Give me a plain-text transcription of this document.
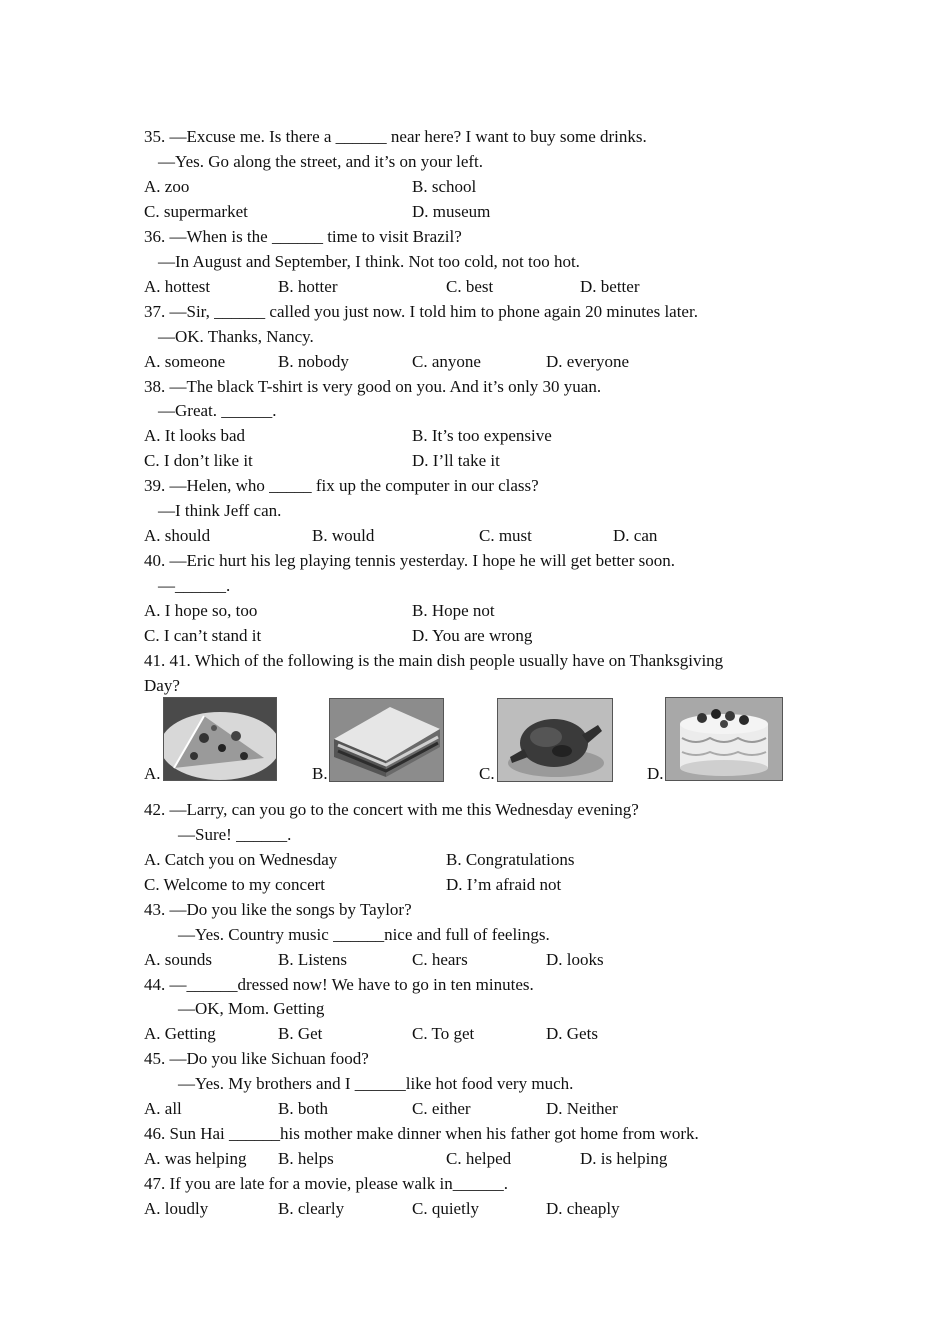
35. —Excuse me. Is there a ______ near here? I want to buy some drinks.
—Yes. Go along the street, and it’s on your left.
A. zoo	B. school
C. supermarket	D. museum
36. —When is the ______ time to visit Brazil?
—In August and September, I think. Not too cold, not too hot.
A. hottest	B. hotter	C. best	D. better
37. —Sir, ______ called you just now. I told him to phone again 20 minutes later.
—OK. Thanks, Nancy.
A. someone	B. nobody	C. anyone	D. everyone
38. —The black T-shirt is very good on you. And it’s only 30 yuan.
—Great. ______.
A. It looks bad	B. It’s too expensive
C. I don’t like it	D. I’ll take it
39. —Helen, who _____ fix up the computer in our class?
—I think Jeff can.
A. should	B. would	C. must	D. can
40. —Eric hurt his leg playing tennis yesterday. I hope he will get better soon.
—______.
A. I hope so, too	B. Hope not
C. I can’t stand it	D. You are wrong
41. 41. Which of the following is the main dish people usually have on Thanksgiving
Day?
A.	B.	C.	D.
42. —Larry, can you go to the concert with me this Wednesday evening?
—Sure! ______.
A. Catch you on Wednesday	B. Congratulations
C. Welcome to my concert	D. I’m afraid not
43. —Do you like the songs by Taylor?
—Yes. Country music ______nice and full of feelings.
A. sounds	B. Listens	C. hears	D. looks
44. —______dressed now! We have to go in ten minutes.
—OK, Mom. Getting
A. Getting	B. Get	C. To get	D. Gets
45. —Do you like Sichuan food?
—Yes. My brothers and I ______like hot food very much.
A. all	B. both	C. either	D. Neither
46. Sun Hai ______his mother make dinner when his father got home from work.
A. was helping B. helps	C. helped	D. is helping
47. If you are late for a movie, please walk in______.
A. loudly	B. clearly	C. quietly	D. cheaply
